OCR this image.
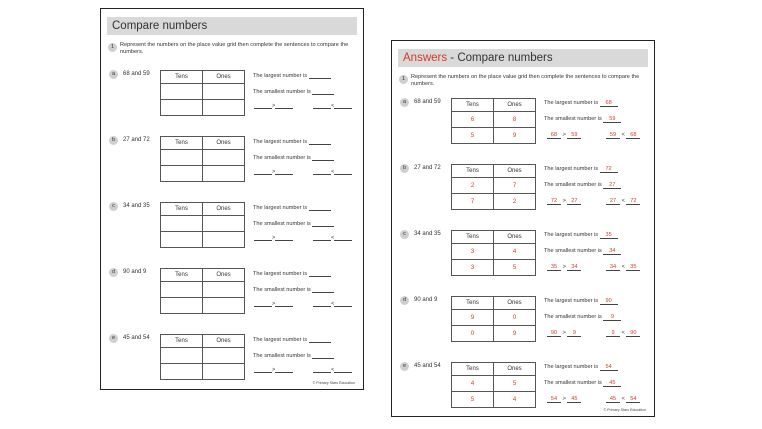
Compare numbers
1	Represent the numbers on the place value grid then complete the sentences to compare the numbers.
a	68 and 59	Tens	Ones

		The largest number is
The smallest number is
>	<
b	27 and 72	Tens	Ones

		The largest number is
The smallest number is
>	<
c	34 and 35	Tens	Ones

		The largest number is
The smallest number is
>	<
d	90 and 9	Tens	Ones

		The largest number is
The smallest number is
>	<
e	45 and 54	Tens	Ones

		The largest number is
The smallest number is
>	<
© Primary Stars Education
Answers - Compare numbers
1	Represent the numbers on the place value grid then complete the sentences to compare the numbers.
a	68 and 59	Tens	Ones
6	8
5	9
The largest number is 68
The smallest number is 59
68 > 59	59 < 68
b	27 and 72	Tens	Ones
2	7
7	2
The largest number is 72
The smallest number is 27
72 > 27	27 < 72
c	34 and 35	Tens	Ones
3	4
3	5
The largest number is 35
The smallest number is 34
35 > 34	34 < 35
d	90 and 9	Tens	Ones
9	0
0	9
The largest number is 90
The smallest number is 9
90 > 9	9 < 90
e	45 and 54	Tens	Ones
4	5
5	4
The largest number is 54
The smallest number is 45
54 > 45	45 < 54
© Primary Stars Education
